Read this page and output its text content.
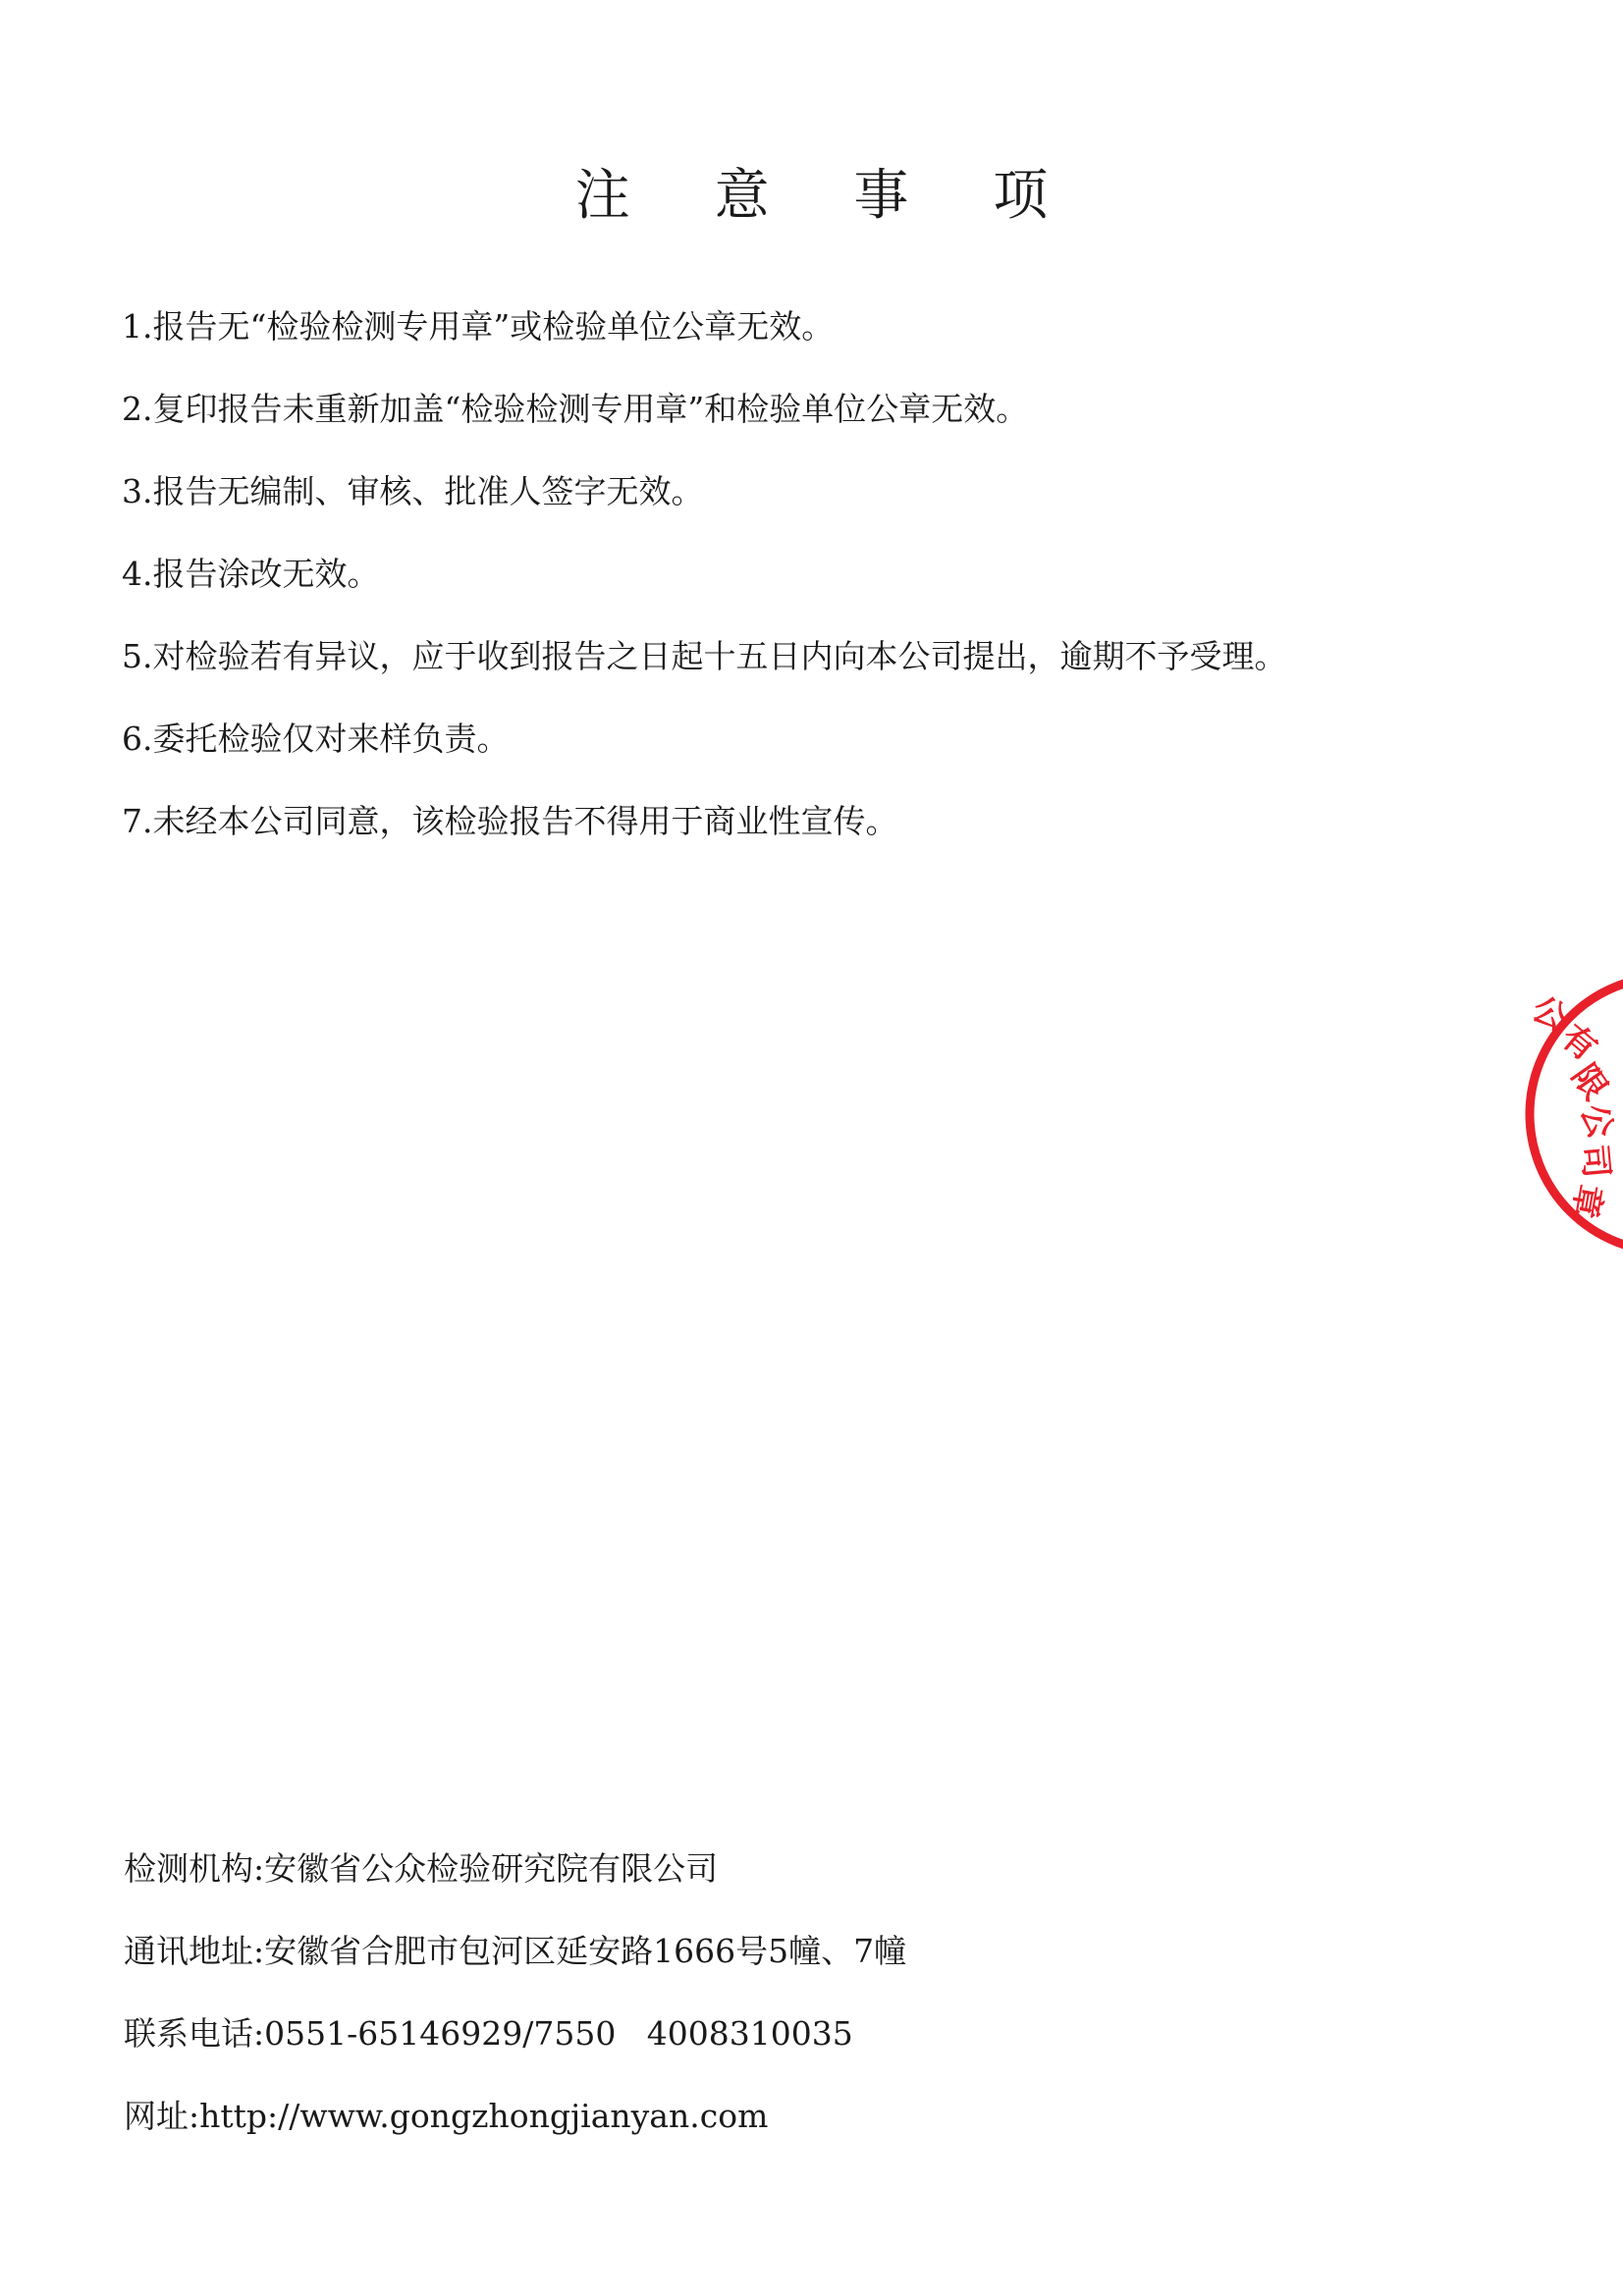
注 意 事 项
1. 报告无“检验检测专用章”或检验单位公章无效。
2. 复印报告未重新加盖“检验检测专用章”和检验单位公章无效。
3. 报告无编制、审核、批准人签字无效。
4. 报告涂改无效。
5. 对检验若有异议，应于收到报告之日起十五日内向本公司提出，逾期不予受理。
6. 委托检验仅对来样负责。
7. 未经本公司同意，该检验报告不得用于商业性宣传。
公
有
限
公
司
章
检测机构:安徽省公众检验研究院有限公司
通讯地址:安徽省合肥市包河区延安路1666号5幢、7幢
联系电话:0551-65146929/7550   4008310035
网址:http://www.gongzhongjianyan.com
